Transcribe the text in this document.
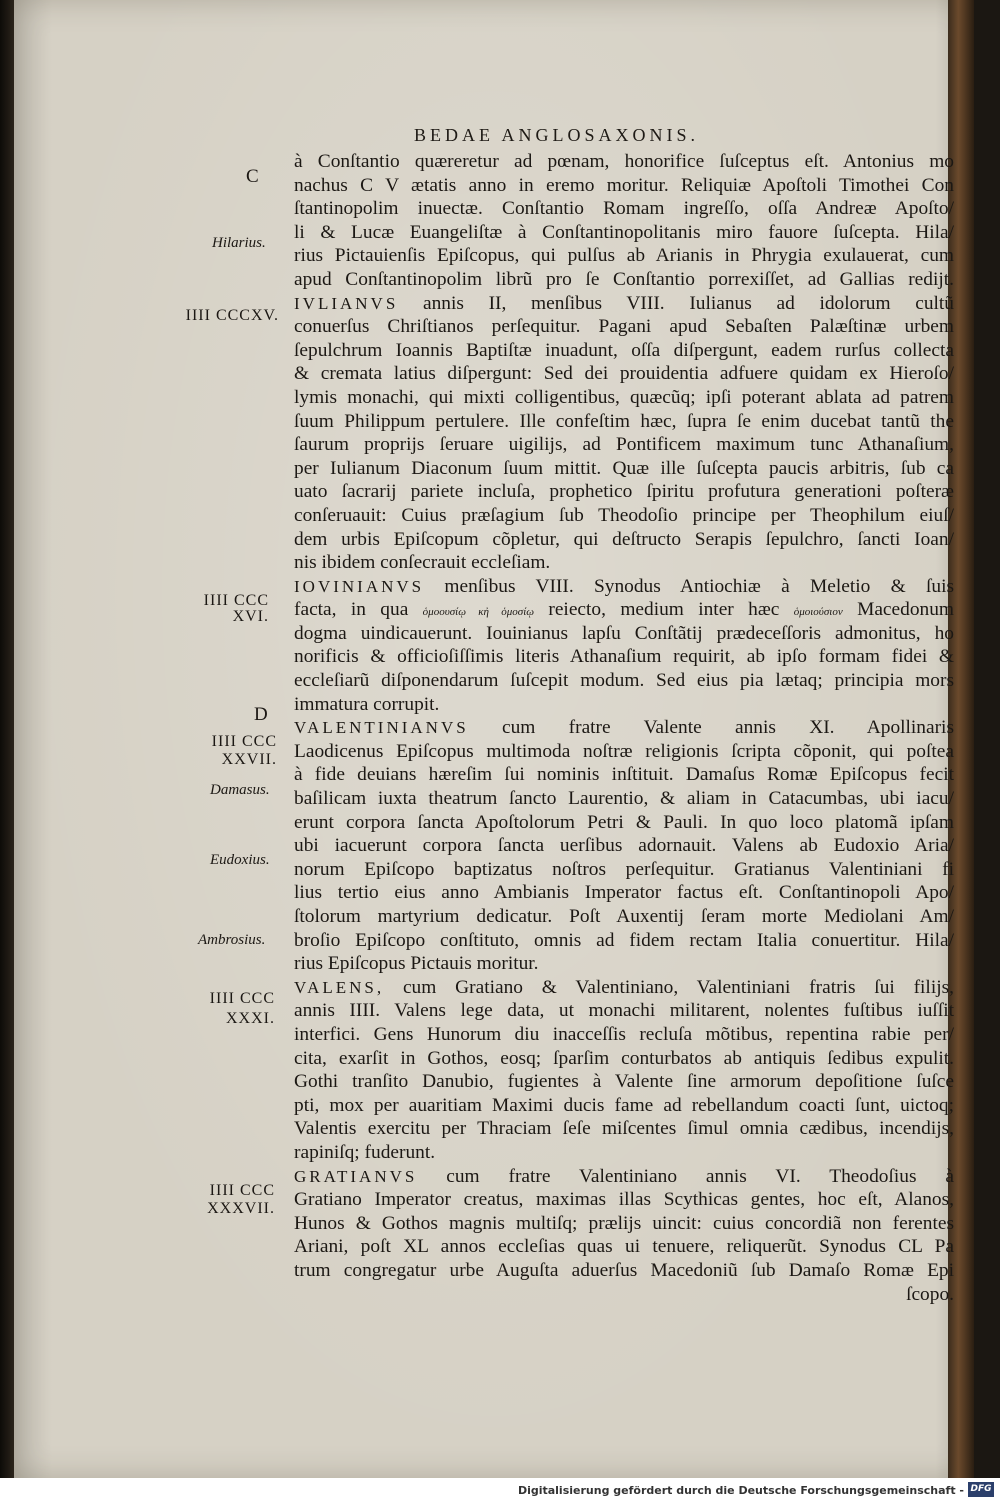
BEDAE ANGLOSAXONIS.
C
Hilarius.
IIII CCCXV.
IIII CCC
XVI.
D
IIII CCC
XXVII.
Damasus.
Eudoxius.
Ambrosius.
IIII CCC
XXXI.
IIII CCC
XXXVII.
à Conſtantio quæreretur ad pœnam, honorifice ſuſceptus eſt. Antonius mo
nachus C V ætatis anno in eremo moritur. Reliquiæ Apoſtoli Timothei Con
ſtantinopolim inuectæ. Conſtantio Romam ingreſſo, oſſa Andreæ Apoſto/
li & Lucæ Euangeliſtæ à Conſtantinopolitanis miro fauore ſuſcepta. Hila/
rius Pictauienſis Epiſcopus, qui pulſus ab Arianis in Phrygia exulauerat, cum
apud Conſtantinopolim librũ pro ſe Conſtantio porrexiſſet, ad Gallias redijt.
IVLIANVS annis II, menſibus VIII. Iulianus ad idolorum cultũ
conuerſus Chriſtianos perſequitur. Pagani apud Sebaſten Palæſtinæ urbem
ſepulchrum Ioannis Baptiſtæ inuadunt, oſſa diſpergunt, eadem rurſus collecta
& cremata latius diſpergunt: Sed dei prouidentia adfuere quidam ex Hieroſo/
lymis monachi, qui mixti colligentibus, quæcũq; ipſi poterant ablata ad patrem
ſuum Philippum pertulere. Ille confeſtim hæc, ſupra ſe enim ducebat tantũ the
ſaurum proprijs ſeruare uigilijs, ad Pontificem maximum tunc Athanaſium,
per Iulianum Diaconum ſuum mittit. Quæ ille ſuſcepta paucis arbitris, ſub ca
uato ſacrarij pariete incluſa, prophetico ſpiritu profutura generationi poſteræ
conſeruauit: Cuius præſagium ſub Theodoſio principe per Theophilum eiuſ/
dem urbis Epiſcopum cõpletur, qui deſtructo Serapis ſepulchro, ſancti Ioan/
nis ibidem conſecrauit eccleſiam.
IOVINIANVS menſibus VIII. Synodus Antiochiæ à Meletio & ſuis
facta, in qua ὁμοουσίῳ κἠ ὁμοσίῳ reiecto, medium inter hæc ὁμοιούσιον Macedonum
dogma uindicauerunt. Iouinianus lapſu Conſtãtij prædeceſſoris admonitus, ho
norificis & officioſiſſimis literis Athanaſium requirit, ab ipſo formam fidei &
eccleſiarũ diſponendarum ſuſcepit modum. Sed eius pia lætaq; principia mors
immatura corrupit.
VALENTINIANVS cum fratre Valente annis XI. Apollinaris
Laodicenus Epiſcopus multimoda noſtræ religionis ſcripta cõponit, qui poſtea
à fide deuians hæreſim ſui nominis inſtituit. Damaſus Romæ Epiſcopus fecit
baſilicam iuxta theatrum ſancto Laurentio, & aliam in Catacumbas, ubi iacu/
erunt corpora ſancta Apoſtolorum Petri & Pauli. In quo loco platomã ipſam
ubi iacuerunt corpora ſancta uerſibus adornauit. Valens ab Eudoxio Aria/
norum Epiſcopo baptizatus noſtros perſequitur. Gratianus Valentiniani fi
lius tertio eius anno Ambianis Imperator factus eſt. Conſtantinopoli Apo/
ſtolorum martyrium dedicatur. Poſt Auxentij ſeram morte Mediolani Am/
broſio Epiſcopo conſtituto, omnis ad fidem rectam Italia conuertitur. Hila/
rius Epiſcopus Pictauis moritur.
VALENS, cum Gratiano & Valentiniano, Valentiniani fratris ſui filijs,
annis IIII. Valens lege data, ut monachi militarent, nolentes fuſtibus iuſſit
interfici. Gens Hunorum diu inacceſſis recluſa mõtibus, repentina rabie per/
cita, exarſit in Gothos, eosq; ſparſim conturbatos ab antiquis ſedibus expulit.
Gothi tranſito Danubio, fugientes à Valente ſine armorum depoſitione ſuſce
pti, mox per auaritiam Maximi ducis fame ad rebellandum coacti ſunt, uictoq;
Valentis exercitu per Thraciam ſeſe miſcentes ſimul omnia cædibus, incendijs,
rapiniſq; fuderunt.
GRATIANVS cum fratre Valentiniano annis VI. Theodoſius à
Gratiano Imperator creatus, maximas illas Scythicas gentes, hoc eſt, Alanos,
Hunos & Gothos magnis multiſq; prælijs uincit: cuius concordiã non ferentes
Ariani, poſt XL annos eccleſias quas ui tenuere, reliquerũt. Synodus CL Pa
trum congregatur urbe Auguſta aduerſus Macedoniũ ſub Damaſo Romæ Epi
ſcopo.
Digitalisierung gefördert durch die Deutsche Forschungsgemeinschaft - DFG
